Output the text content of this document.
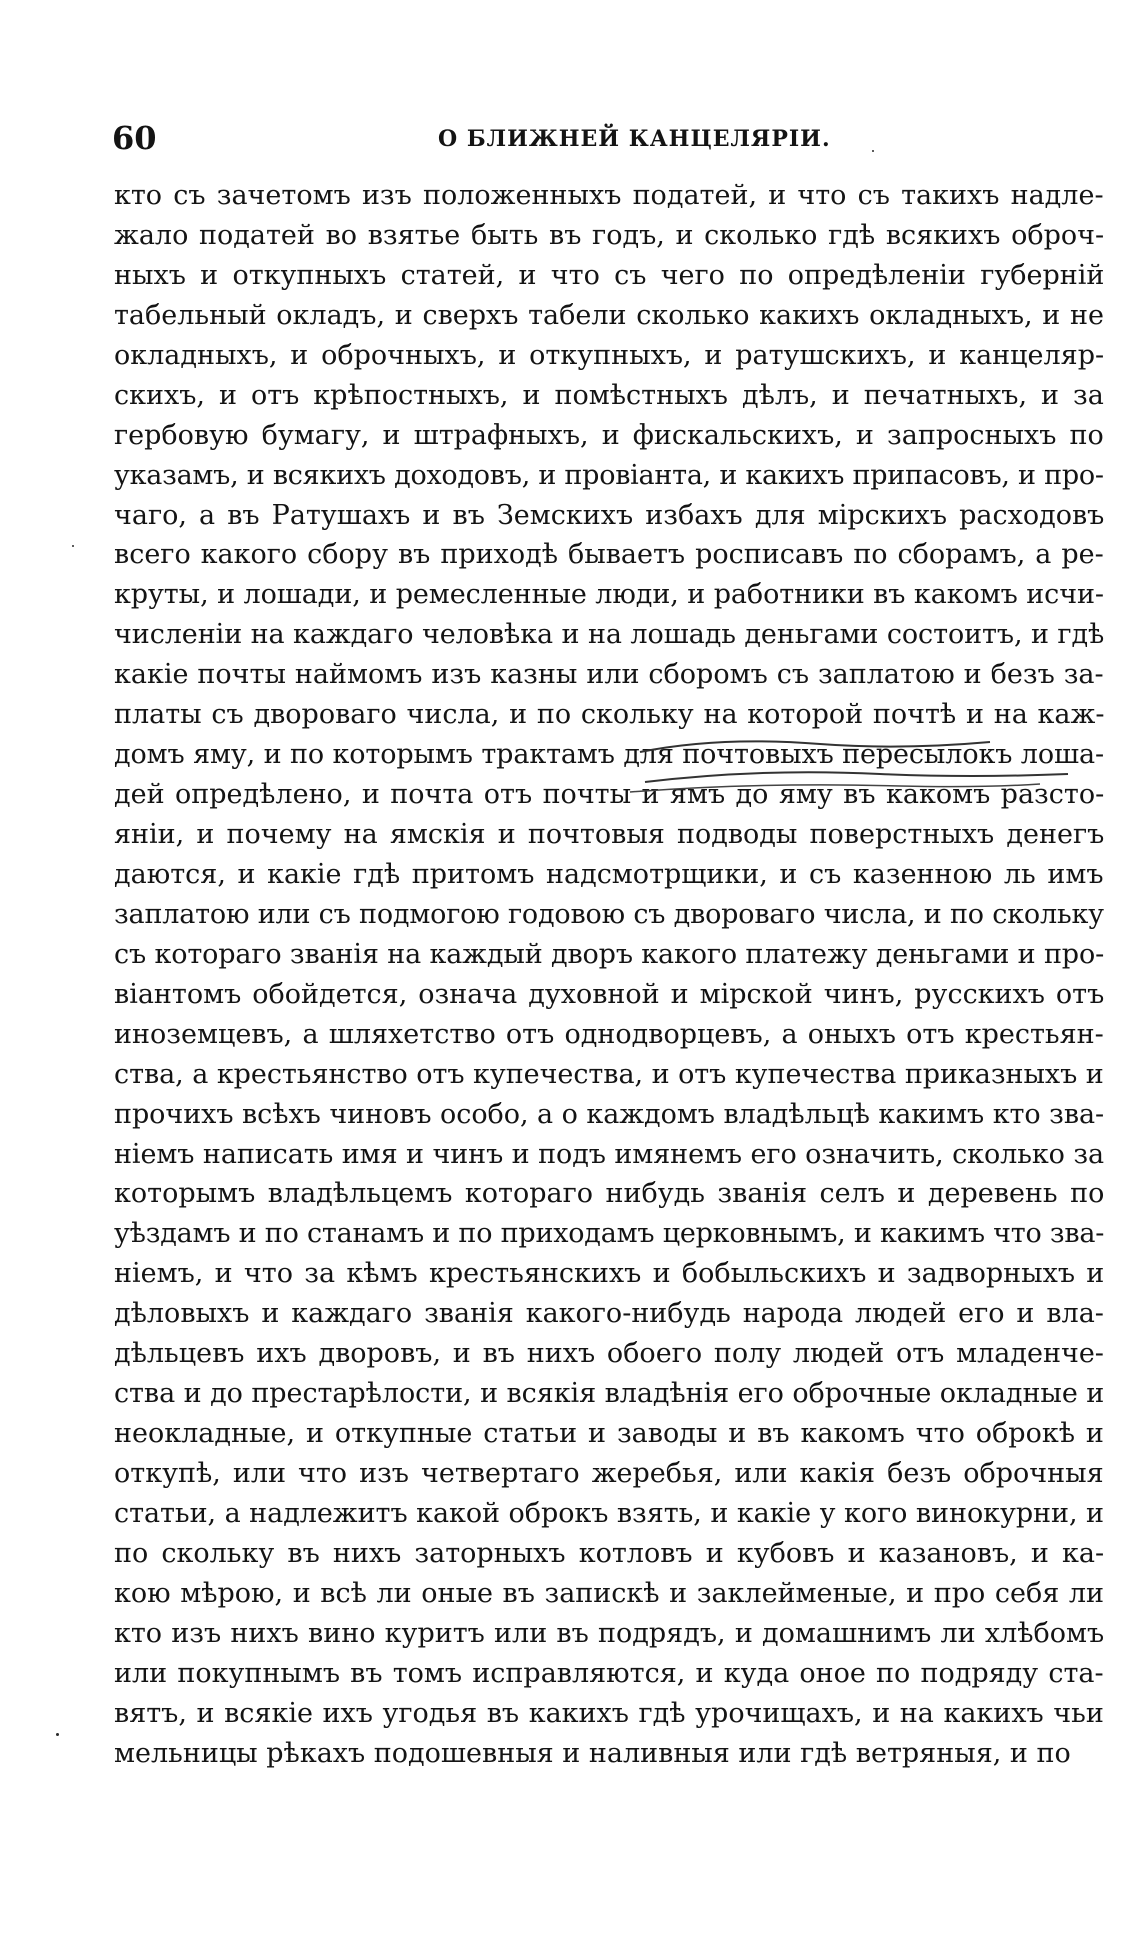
60	О БЛИЖНЕЙ КАНЦЕЛЯРІИ.
кто съ зачетомъ изъ положенныхъ податей, и что съ такихъ надле-
жало податей во взятье быть въ годъ, и сколько гдѣ всякихъ оброч-
ныхъ и откупныхъ статей, и что съ чего по опредѣленіи губерній
табельный окладъ, и сверхъ табели сколько какихъ окладныхъ, и не
окладныхъ, и оброчныхъ, и откупныхъ, и ратушскихъ, и канцеляр-
скихъ, и отъ крѣпостныхъ, и помѣстныхъ дѣлъ, и печатныхъ, и за
гербовую бумагу, и штрафныхъ, и фискальскихъ, и запросныхъ по
указамъ, и всякихъ доходовъ, и провіанта, и какихъ припасовъ, и про-
чаго, а въ Ратушахъ и въ Земскихъ избахъ для мірскихъ расходовъ
всего какого сбору въ приходѣ бываетъ росписавъ по сборамъ, а ре-
круты, и лошади, и ремесленные люди, и работники въ какомъ исчи-
численіи на каждаго человѣка и на лошадь деньгами состоитъ, и гдѣ
какіе почты наймомъ изъ казны или сборомъ съ заплатою и безъ за-
платы съ двороваго числа, и по скольку на которой почтѣ и на каж-
домъ яму, и по которымъ трактамъ для почтовыхъ пересылокъ лоша-
дей опредѣлено, и почта отъ почты и ямъ до яму въ какомъ разсто-
яніи, и почему на ямскія и почтовыя подводы поверстныхъ денегъ
даются, и какіе гдѣ притомъ надсмотрщики, и съ казенною ль имъ
заплатою или съ подмогою годовою съ двороваго числа, и по скольку
съ котораго званія на каждый дворъ какого платежу деньгами и про-
віантомъ обойдется, означа духовной и мірской чинъ, русскихъ отъ
иноземцевъ, а шляхетство отъ однодворцевъ, а оныхъ отъ крестьян-
ства, а крестьянство отъ купечества, и отъ купечества приказныхъ и
прочихъ всѣхъ чиновъ особо, а о каждомъ владѣльцѣ какимъ кто зва-
ніемъ написать имя и чинъ и подъ имянемъ его означить, сколько за
которымъ владѣльцемъ котораго нибудь званія селъ и деревень по
уѣздамъ и по станамъ и по приходамъ церковнымъ, и какимъ что зва-
ніемъ, и что за кѣмъ крестьянскихъ и бобыльскихъ и задворныхъ и
дѣловыхъ и каждаго званія какого-нибудь народа людей его и вла-
дѣльцевъ ихъ дворовъ, и въ нихъ обоего полу людей отъ младенче-
ства и до престарѣлости, и всякія владѣнія его оброчные окладные и
неокладные, и откупные статьи и заводы и въ какомъ что оброкѣ и
откупѣ, или что изъ четвертаго жеребья, или какія безъ оброчныя
статьи, а надлежитъ какой оброкъ взять, и какіе у кого винокурни, и
по скольку въ нихъ заторныхъ котловъ и кубовъ и казановъ, и ка-
кою мѣрою, и всѣ ли оные въ запискѣ и заклейменые, и про себя ли
кто изъ нихъ вино куритъ или въ подрядъ, и домашнимъ ли хлѣбомъ
или покупнымъ въ томъ исправляются, и куда оное по подряду ста-
вятъ, и всякіе ихъ угодья въ какихъ гдѣ урочищахъ, и на какихъ чьи
мельницы рѣкахъ подошевныя и наливныя или гдѣ ветряныя, и по
